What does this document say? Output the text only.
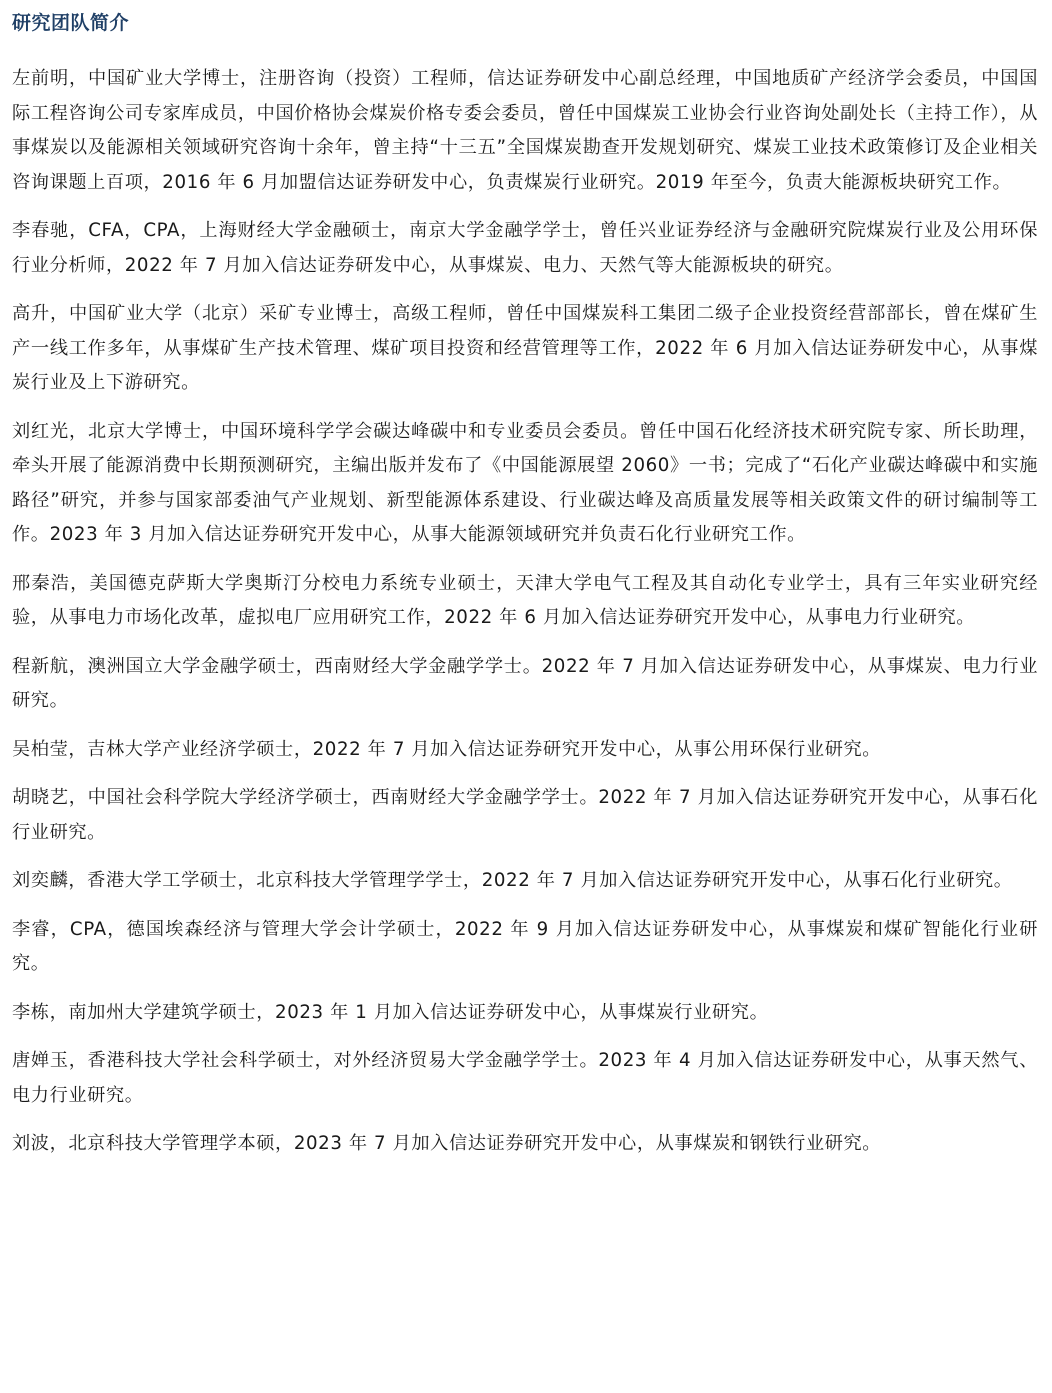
研究团队简介

左前明，中国矿业大学博士，注册咨询（投资）工程师，信达证券研发中心副总经理，中国地质矿产经济学会委员，中国国际工程咨询公司专家库成员，中国价格协会煤炭价格专委会委员，曾任中国煤炭工业协会行业咨询处副处长（主持工作），从事煤炭以及能源相关领域研究咨询十余年，曾主持“十三五”全国煤炭勘查开发规划研究、煤炭工业技术政策修订及企业相关咨询课题上百项，2016 年 6 月加盟信达证券研发中心，负责煤炭行业研究。2019 年至今，负责大能源板块研究工作。

李春驰，CFA，CPA，上海财经大学金融硕士，南京大学金融学学士，曾任兴业证券经济与金融研究院煤炭行业及公用环保行业分析师，2022 年 7 月加入信达证券研发中心，从事煤炭、电力、天然气等大能源板块的研究。

高升，中国矿业大学（北京）采矿专业博士，高级工程师，曾任中国煤炭科工集团二级子企业投资经营部部长，曾在煤矿生产一线工作多年，从事煤矿生产技术管理、煤矿项目投资和经营管理等工作，2022 年 6 月加入信达证券研发中心，从事煤炭行业及上下游研究。

刘红光，北京大学博士，中国环境科学学会碳达峰碳中和专业委员会委员。曾任中国石化经济技术研究院专家、所长助理，牵头开展了能源消费中长期预测研究，主编出版并发布了《中国能源展望 2060》一书；完成了“石化产业碳达峰碳中和实施路径”研究，并参与国家部委油气产业规划、新型能源体系建设、行业碳达峰及高质量发展等相关政策文件的研讨编制等工作。2023 年 3 月加入信达证券研究开发中心，从事大能源领域研究并负责石化行业研究工作。

邢秦浩，美国德克萨斯大学奥斯汀分校电力系统专业硕士，天津大学电气工程及其自动化专业学士，具有三年实业研究经验，从事电力市场化改革，虚拟电厂应用研究工作，2022 年 6 月加入信达证券研究开发中心，从事电力行业研究。

程新航，澳洲国立大学金融学硕士，西南财经大学金融学学士。2022 年 7 月加入信达证券研发中心，从事煤炭、电力行业研究。

吴柏莹，吉林大学产业经济学硕士，2022 年 7 月加入信达证券研究开发中心，从事公用环保行业研究。

胡晓艺，中国社会科学院大学经济学硕士，西南财经大学金融学学士。2022 年 7 月加入信达证券研究开发中心，从事石化行业研究。

刘奕麟，香港大学工学硕士，北京科技大学管理学学士，2022 年 7 月加入信达证券研究开发中心，从事石化行业研究。

李睿，CPA，德国埃森经济与管理大学会计学硕士，2022 年 9 月加入信达证券研发中心，从事煤炭和煤矿智能化行业研究。

李栋，南加州大学建筑学硕士，2023 年 1 月加入信达证券研发中心，从事煤炭行业研究。

唐婵玉，香港科技大学社会科学硕士，对外经济贸易大学金融学学士。2023 年 4 月加入信达证券研发中心，从事天然气、电力行业研究。

刘波，北京科技大学管理学本硕，2023 年 7 月加入信达证券研究开发中心，从事煤炭和钢铁行业研究。
